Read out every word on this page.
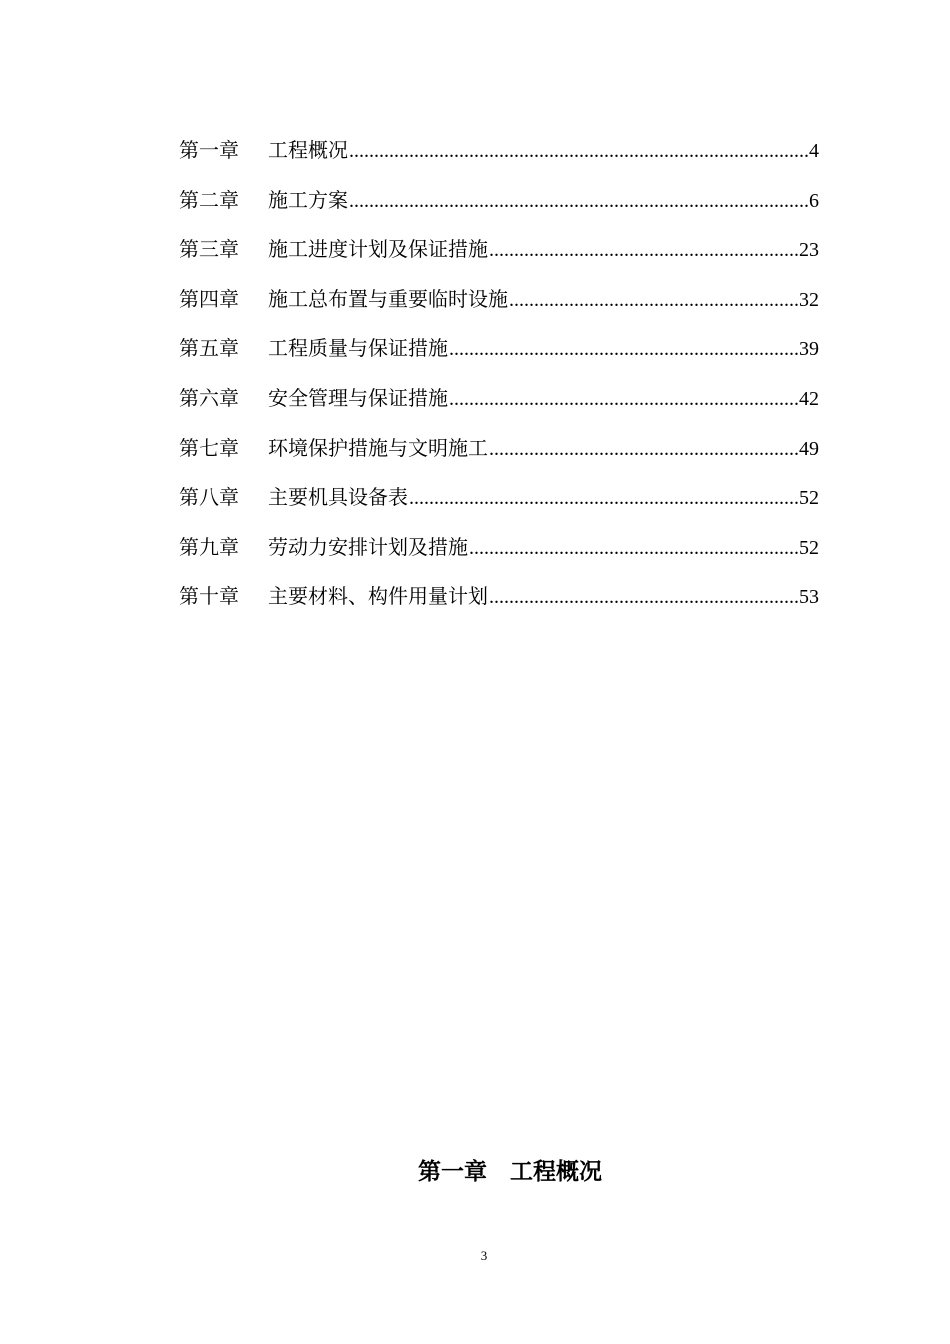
第一章	工程概况 .....	4
第二章	施工方案 .....	6
第三章	施工进度计划及保证措施 .....	23
第四章	施工总布置与重要临时设施 .....	32
第五章	工程质量与保证措施 .....	39
第六章	安全管理与保证措施 .....	42
第七章	环境保护措施与文明施工 .....	49
第八章	主要机具设备表 .....	52
第九章	劳动力安排计划及措施 .....	52
第十章	主要材料、构件用量计划 .....	53
第一章　工程概况
3
